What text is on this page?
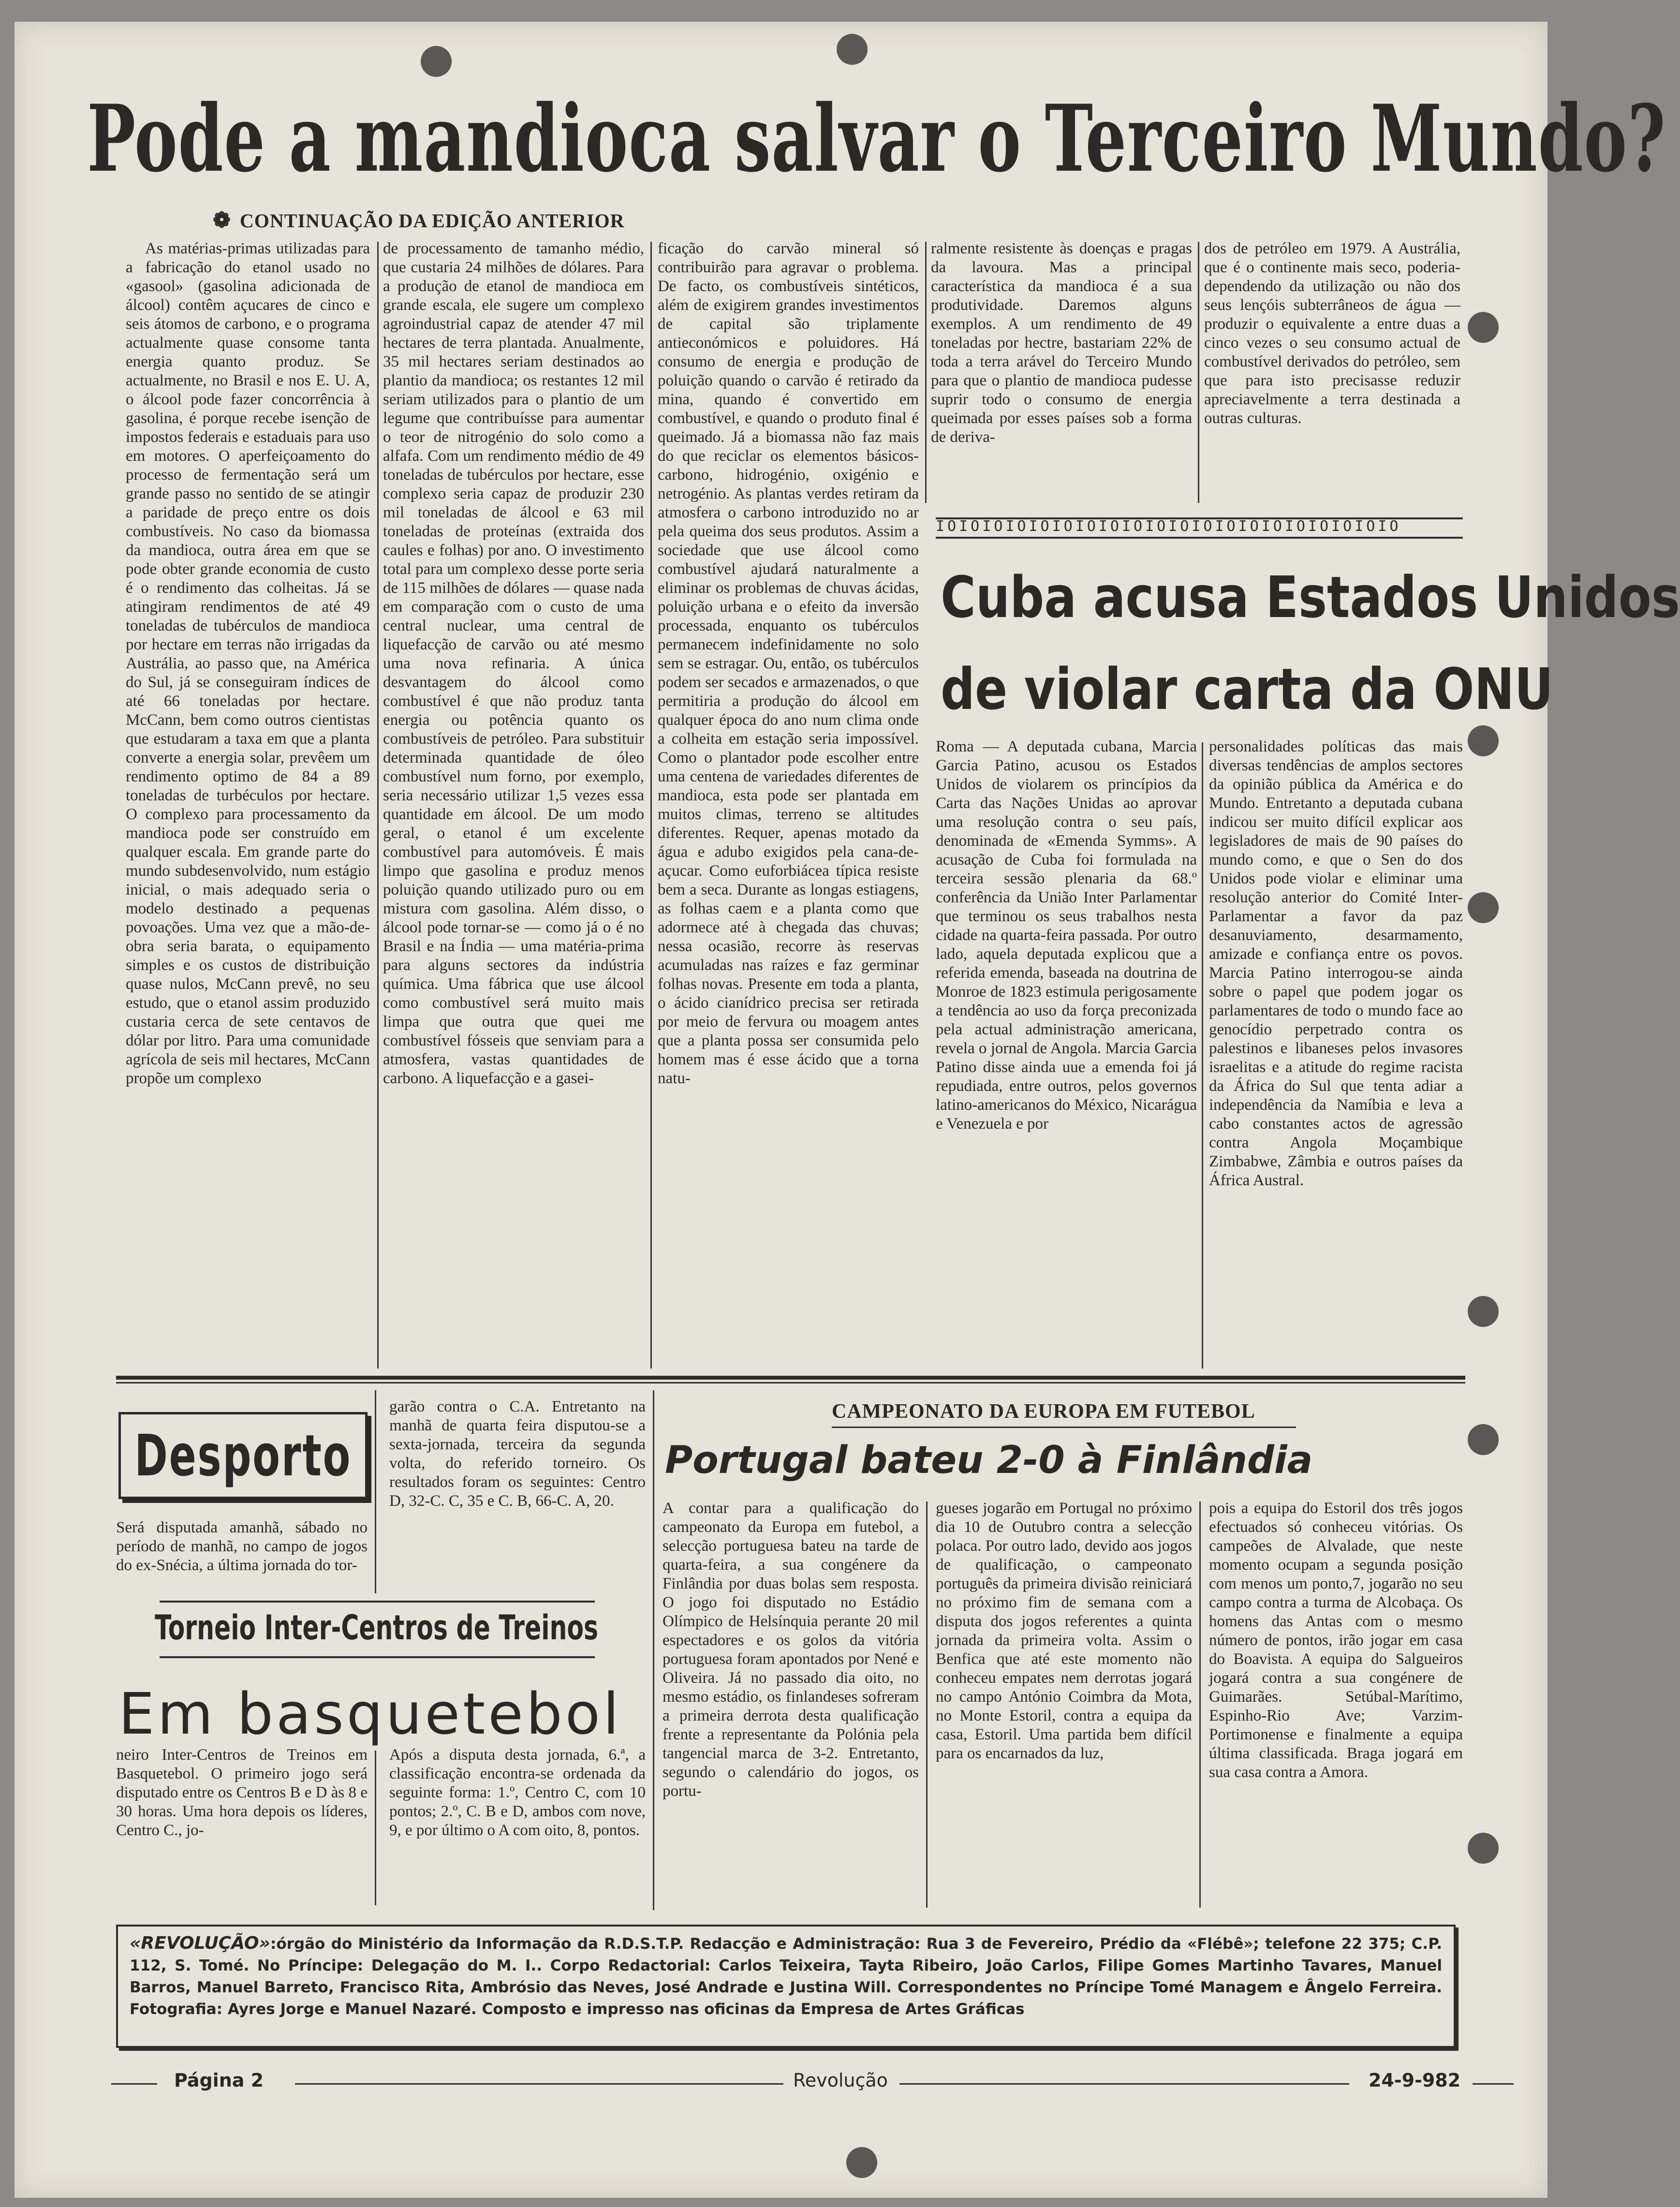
Pode a mandioca salvar o Terceiro Mundo?
❁ CONTINUAÇÃO DA EDIÇÃO ANTERIOR
As matérias-primas utilizadas para a fabricação do etanol usado no «gasool» (gasolina adicionada de álcool) contêm açucares de cinco e seis átomos de carbono, e o programa actualmente quase consome tanta energia quanto produz. Se actualmente, no Brasil e nos E. U. A, o álcool pode fazer concorrência à gasolina, é porque recebe isenção de impostos federais e estaduais para uso em motores. O aperfeiçoamento do processo de fermentação será um grande passo no sentido de se atingir a paridade de preço entre os dois combustíveis. No caso da biomassa da mandioca, outra área em que se pode obter grande economia de custo é o rendimento das colheitas. Já se atingiram rendimentos de até 49 toneladas de tubérculos de mandioca por hectare em terras não irrigadas da Austrália, ao passo que, na América do Sul, já se conseguiram índices de até 66 toneladas por hectare. McCann, bem como outros cientistas que estudaram a taxa em que a planta converte a energia solar, prevêem um rendimento optimo de 84 a 89 toneladas de turbéculos por hectare. O complexo para processamento da mandioca pode ser construído em qualquer escala. Em grande parte do mundo subdesenvolvido, num estágio inicial, o mais adequado seria o modelo destinado a pequenas povoações. Uma vez que a mão-de-obra seria barata, o equipamento simples e os custos de distribuição quase nulos, McCann prevê, no seu estudo, que o etanol assim produzido custaria cerca de sete centavos de dólar por litro. Para uma comunidade agrícola de seis mil hectares, McCann propõe um complexo
de processamento de tamanho médio, que custaria 24 milhões de dólares. Para a produção de etanol de mandioca em grande escala, ele sugere um complexo agroindustrial capaz de atender 47 mil hectares de terra plantada. Anualmente, 35 mil hectares seriam destinados ao plantio da mandioca; os restantes 12 mil seriam utilizados para o plantio de um legume que contribuísse para aumentar o teor de nitrogénio do solo como a alfafa. Com um rendimento médio de 49 toneladas de tubérculos por hectare, esse complexo seria capaz de produzir 230 mil toneladas de álcool e 63 mil toneladas de proteínas (extraida dos caules e folhas) por ano. O investimento total para um complexo desse porte seria de 115 milhões de dólares — quase nada em comparação com o custo de uma central nuclear, uma central de liquefacção de carvão ou até mesmo uma nova refinaria. A única desvantagem do álcool como combustível é que não produz tanta energia ou potência quanto os combustíveis de petróleo. Para substituir determinada quantidade de óleo combustível num forno, por exemplo, seria necessário utilizar 1,5 vezes essa quantidade em álcool. De um modo geral, o etanol é um excelente combustível para automóveis. É mais limpo que gasolina e produz menos poluição quando utilizado puro ou em mistura com gasolina. Além disso, o álcool pode tornar-se — como já o é no Brasil e na Índia — uma matéria-prima para alguns sectores da indústria química. Uma fábrica que use álcool como combustível será muito mais limpa que outra que quei me combustível fósseis que senviam para a atmosfera, vastas quantidades de carbono. A liquefacção e a gasei-
ficação do carvão mineral só contribuirão para agravar o problema. De facto, os combustíveis sintéticos, além de exigirem grandes investimentos de capital são triplamente antieconómicos e poluidores. Há consumo de energia e produção de poluição quando o carvão é retirado da mina, quando é convertido em combustível, e quando o produto final é queimado. Já a biomassa não faz mais do que reciclar os elementos básicos-carbono, hidrogénio, oxigénio e netrogénio. As plantas verdes retiram da atmosfera o carbono introduzido no ar pela queima dos seus produtos. Assim a sociedade que use álcool como combustível ajudará naturalmente a eliminar os problemas de chuvas ácidas, poluição urbana e o efeito da inversão processada, enquanto os tubérculos permanecem indefinidamente no solo sem se estragar. Ou, então, os tubérculos podem ser secados e armazenados, o que permitiria a produção do álcool em qualquer época do ano num clima onde a colheita em estação seria impossível. Como o plantador pode escolher entre uma centena de variedades diferentes de mandioca, esta pode ser plantada em muitos climas, terreno se altitudes diferentes. Requer, apenas motado da água e adubo exigidos pela cana-de-açucar. Como euforbiácea típica resiste bem a seca. Durante as longas estiagens, as folhas caem e a planta como que adormece até à chegada das chuvas; nessa ocasião, recorre às reservas acumuladas nas raízes e faz germinar folhas novas. Presente em toda a planta, o ácido cianídrico precisa ser retirada por meio de fervura ou moagem antes que a planta possa ser consumida pelo homem mas é esse ácido que a torna natu-
ralmente resistente às doenças e pragas da lavoura. Mas a principal característica da mandioca é a sua produtividade. Daremos alguns exemplos. A um rendimento de 49 toneladas por hectre, bastariam 22% de toda a terra arável do Terceiro Mundo para que o plantio de mandioca pudesse suprir todo o consumo de energia queimada por esses países sob a forma de deriva-
dos de petróleo em 1979. A Austrália, que é o continente mais seco, poderia-dependendo da utilização ou não dos seus lençóis subterrâneos de água — produzir o equivalente a entre duas a cinco vezes o seu consumo actual de combustível derivados do petróleo, sem que para isto precisasse reduzir apreciavelmente a terra destinada a outras culturas.
IOIOIOIOIOIOIOIOIOIOIOIOIOIOIOIOIOIOIOIO
Cuba acusa Estados Unidos
de violar carta da ONU
Roma — A deputada cubana, Marcia Garcia Patino, acusou os Estados Unidos de violarem os princípios da Carta das Nações Unidas ao aprovar uma resolução contra o seu país, denominada de «Emenda Symms». A acusação de Cuba foi formulada na terceira sessão plenaria da 68.º conferência da União Inter Parlamentar que terminou os seus trabalhos nesta cidade na quarta-feira passada. Por outro lado, aquela deputada explicou que a referida emenda, baseada na doutrina de Monroe de 1823 estimula perigosamente a tendência ao uso da força preconizada pela actual administração americana, revela o jornal de Angola. Marcia Garcia Patino disse ainda uue a emenda foi já repudiada, entre outros, pelos governos latino-americanos do México, Nicarágua e Venezuela e por
personalidades políticas das mais diversas tendências de amplos sectores da opinião pública da América e do Mundo. Entretanto a deputada cubana indicou ser muito difícil explicar aos legisladores de mais de 90 países do mundo como, e que o Sen do dos Unidos pode violar e eliminar uma resolução anterior do Comité Inter-Parlamentar a favor da paz desanuviamento, desarmamento, amizade e confiança entre os povos. Marcia Patino interrogou-se ainda sobre o papel que podem jogar os parlamentares de todo o mundo face ao genocídio perpetrado contra os palestinos e libaneses pelos invasores israelitas e a atitude do regime racista da África do Sul que tenta adiar a independência da Namíbia e leva a cabo constantes actos de agressão contra Angola Moçambique Zimbabwe, Zâmbia e outros países da África Austral.
Desporto
Será disputada amanhã, sábado no período de manhã, no campo de jogos do ex-Snécia, a última jornada do tor-
garão contra o C.A. Entretanto na manhã de quarta feira disputou-se a sexta-jornada, terceira da segunda volta, do referido torneiro. Os resultados foram os seguintes: Centro D, 32-C. C, 35 e C. B, 66-C. A, 20.
Torneio Inter-Centros de Treinos
Em basquetebol
neiro Inter-Centros de Treinos em Basquetebol. O primeiro jogo será disputado entre os Centros B e D às 8 e 30 horas. Uma hora depois os líderes, Centro C., jo-
Após a disputa desta jornada, 6.ª, a classificação encontra-se ordenada da seguinte forma: 1.º, Centro C, com 10 pontos; 2.º, C. B e D, ambos com nove, 9, e por último o A com oito, 8, pontos.
CAMPEONATO DA EUROPA EM FUTEBOL
Portugal bateu 2-0 à Finlândia
A contar para a qualificação do campeonato da Europa em futebol, a selecção portuguesa bateu na tarde de quarta-feira, a sua congénere da Finlândia por duas bolas sem resposta. O jogo foi disputado no Estádio Olímpico de Helsínquia perante 20 mil espectadores e os golos da vitória portuguesa foram apontados por Nené e Oliveira. Já no passado dia oito, no mesmo estádio, os finlandeses sofreram a primeira derrota desta qualificação frente a representante da Polónia pela tangencial marca de 3-2. Entretanto, segundo o calendário do jogos, os portu-
gueses jogarão em Portugal no próximo dia 10 de Outubro contra a selecção polaca. Por outro lado, devido aos jogos de qualificação, o campeonato português da primeira divisão reiniciará no próximo fim de semana com a disputa dos jogos referentes a quinta jornada da primeira volta. Assim o Benfica que até este momento não conheceu empates nem derrotas jogará no campo António Coimbra da Mota, no Monte Estoril, contra a equipa da casa, Estoril. Uma partida bem difícil para os encarnados da luz,
pois a equipa do Estoril dos três jogos efectuados só conheceu vitórias. Os campeões de Alvalade, que neste momento ocupam a segunda posição com menos um ponto,7, jogarão no seu campo contra a turma de Alcobaça. Os homens das Antas com o mesmo número de pontos, irão jogar em casa do Boavista. A equipa do Salgueiros jogará contra a sua congénere de Guimarães. Setúbal-Marítimo, Espinho-Rio Ave; Varzim-Portimonense e finalmente a equipa última classificada. Braga jogará em sua casa contra a Amora.
«REVOLUÇÃO»:órgão do Ministério da Informação da R.D.S.T.P. Redacção e Administração: Rua 3 de Fevereiro, Prédio da «Flébê»; telefone 22 375; C.P. 112, S. Tomé. No Príncipe: Delegação do M. I.. Corpo Redactorial: Carlos Teixeira, Tayta Ribeiro, João Carlos, Filipe Gomes Martinho Tavares, Manuel Barros, Manuel Barreto, Francisco Rita, Ambrósio das Neves, José Andrade e Justina Will. Correspondentes no Príncipe Tomé Managem e Ângelo Ferreira. Fotografia: Ayres Jorge e Manuel Nazaré. Composto e impresso nas oficinas da Empresa de Artes Gráficas
Página 2	Revolução	24-9-982
